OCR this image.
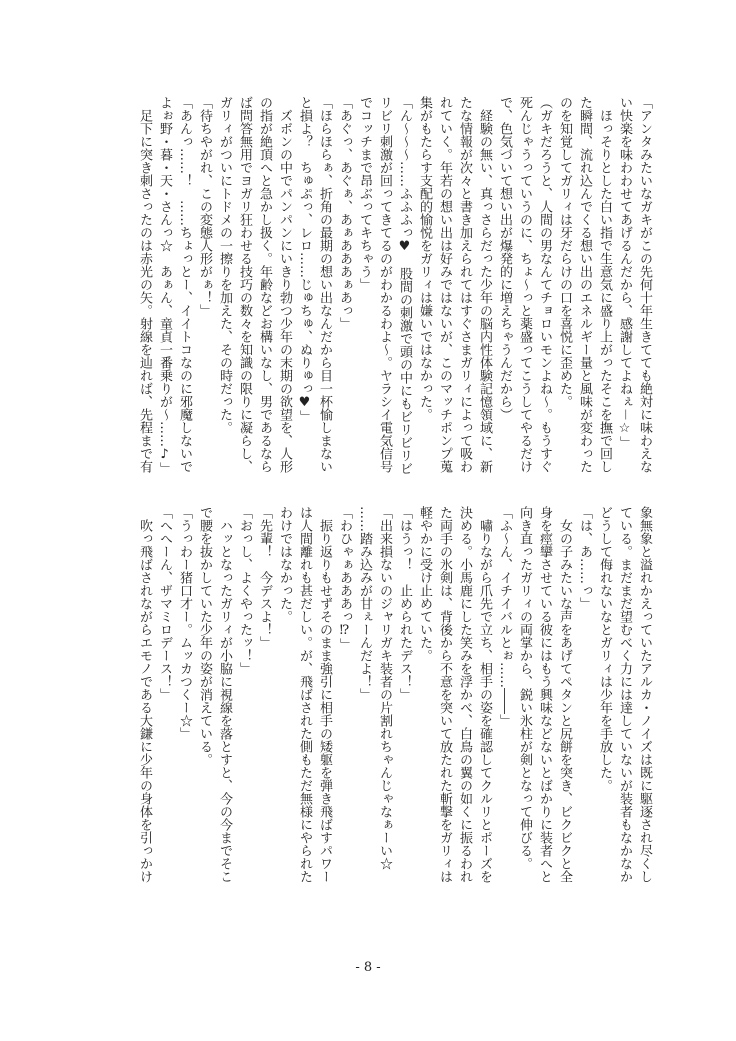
「アンタみたいなガキがこの先何十年生きてても絶対に味わえな
い快楽を味わわせてあげるんだから、感謝してよねぇ－☆」
　ほっそりとした白い指で生意気に盛り上がったそこを撫で回し
た瞬間、流れ込んでくる想い出のエネルギー量と風味が変わった
のを知覚してガリィは牙だらけの口を喜悦に歪めた。
（ガキだろうと、人間の男なんてチョロいモンよね～。もうすぐ
死んじゃうっていうのに、ちょ～っと薬盛ってこうしてやるだけ
で、色気づいて想い出が爆発的に増えちゃうんだから）
　経験の無い、真っさらだった少年の脳内性体験記憶領域に、新
たな情報が次々と書き加えられてはすぐさまガリィによって吸わ
れていく。年若の想い出は好みではないが、このマッチポンプ蒐
集がもたらす支配的愉悦をガリィは嫌いではなかった。
「ん～～～……ふふふっ♥　股間の刺激で頭の中にもビリビリビ
リビリ刺激が回ってきてるのがわかるわよ～。ヤラシイ電気信号
でコッチまで昂ぶってキちゃう」
「あぐっ、あぐぁ、あぁあああぁあっ」
「ほらほらぁ、折角の最期の想い出なんだから目一杯愉しまない
と損よ？　ちゅぷっ、レロ……じゅちゅ、ぬりゅっ♥」
　ズボンの中でパンパンにいきり勃つ少年の末期の欲望を、人形
の指が絶頂へと急かし扱く。年齢などお構いなし、男であるなら
ば問答無用でヨガリ狂わせる技巧の数々を知識の限りに凝らし、
ガリィがついにトドメの一擦りを加えた、その時だった。
「待ちやがれ、この変態人形がぁ！」
「あんっ……！　……ちょっとー、イイトコなのに邪魔しないで
よぉ野・暮・天・さんっ☆　あぁん、童貞一番乗りが～……♪」
　足下に突き刺さったのは赤光の矢。射線を辿れば、先程まで有
象無象と溢れかえっていたアルカ・ノイズは既に駆逐され尽くし
ている。まだまだ望むべく力には達していないが装者もなかなか
どうして侮れないなとガリィは少年を手放した。
「は、あ……っ」
　女の子みたいな声をあげてペタンと尻餅を突き、ビクビクと全
身を痙攣させている彼にはもう興味などないとばかりに装者へと
向き直ったガリィの両掌から、鋭い氷柱が剣となって伸びる。
「ふ～ん、イチイバルとぉ……――」
　嘯りながら爪先で立ち、相手の姿を確認してクルリとポーズを
決める。小馬鹿にした笑みを浮かべ、白鳥の翼の如くに振るわれ
た両手の氷剣は、背後から不意を突いて放たれた斬撃をガリィは
軽やかに受け止めていた。
「はうっ！　止められたデス！」
「出来損ないのジャリガキ装者の片割れちゃんじゃなぁーい☆
……踏み込みが甘ぇーんだよ！」
「わひゃぁあああっ⁉」
　振り返りもせずそのまま強引に相手の矮躯を弾き飛ばすパワー
は人間離れも甚だしい。が、飛ばされた側もただ無様にやられた
わけではなかった。
「先輩！　今デスよ！」
「おっし、よくやったッ！」
　ハッとなったガリィが小脇に視線を落とすと、今の今までそこ
で腰を抜かしていた少年の姿が消えている。
「うっわー猪口才ー。ムッカつくー☆」
「へへーん、ザマミロデース！」
　吹っ飛ばされながらエモノである大鎌に少年の身体を引っかけ
- 8 -
